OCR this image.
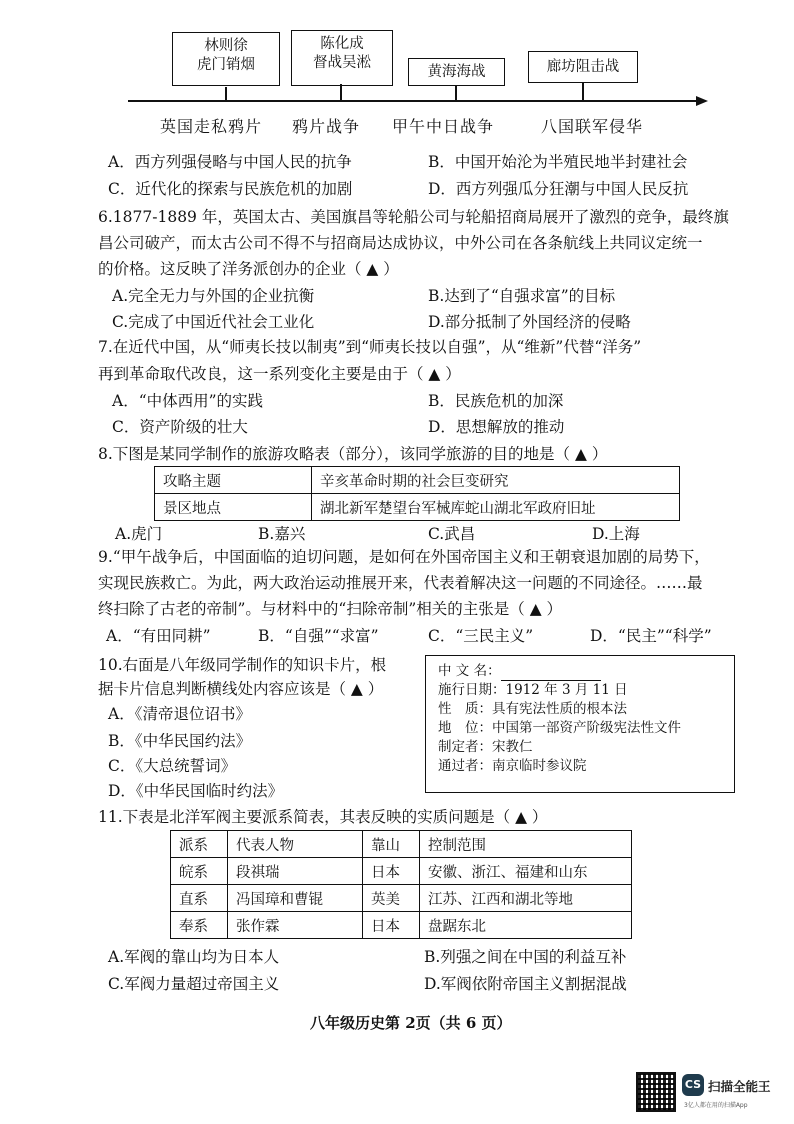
林则徐
虎门销烟
陈化成
督战吴淞
黄海海战	廊坊阻击战
英国走私鸦片 鸦片战争 甲午中日战争	八国联军侵华
A．西方列强侵略与中国人民的抗争	B．中国开始沦为半殖民地半封建社会
C．近代化的探索与民族危机的加剧	D．西方列强瓜分狂潮与中国人民反抗
6.1877-1889 年，英国太古、美国旗昌等轮船公司与轮船招商局展开了激烈的竞争，最终旗
昌公司破产，而太古公司不得不与招商局达成协议，中外公司在各条航线上共同议定统一
的价格。这反映了洋务派创办的企业（ ▲ ）
A.完全无力与外国的企业抗衡	B.达到了“自强求富”的目标
C.完成了中国近代社会工业化	D.部分抵制了外国经济的侵略
7.在近代中国，从“师夷长技以制夷”到“师夷长技以自强”，从“维新”代替“洋务”
再到革命取代改良，这一系列变化主要是由于（ ▲ ）
A．“中体西用”的实践	B．民族危机的加深
C．资产阶级的壮大	D．思想解放的推动
8.下图是某同学制作的旅游攻略表（部分），该同学旅游的目的地是（ ▲ ）
攻略主题	辛亥革命时期的社会巨变研究
景区地点	湖北新军楚望台军械库蛇山湖北军政府旧址
A.虎门	B.嘉兴	C.武昌	D.上海
9.“甲午战争后，中国面临的迫切问题，是如何在外国帝国主义和王朝衰退加剧的局势下，
实现民族救亡。为此，两大政治运动推展开来，代表着解决这一问题的不同途径。……最
终扫除了古老的帝制”。与材料中的“扫除帝制”相关的主张是（ ▲ ）
A．“有田同耕”	B．“自强”“求富”	C．“三民主义”	D．“民主”“科学”
10.右面是八年级同学制作的知识卡片，根
据卡片信息判断横线处内容应该是（ ▲ ）
A．《清帝退位诏书》
B．《中华民国约法》
C．《大总统誓词》
D．《中华民国临时约法》
中 文 名：
施行日期：1912 年 3 月 11 日
性　质：具有宪法性质的根本法
地　位：中国第一部资产阶级宪法性文件
制定者：宋教仁
通过者：南京临时参议院
11.下表是北洋军阀主要派系简表，其表反映的实质问题是（ ▲ ）
派系	代表人物	靠山	控制范围
皖系	段祺瑞	日本	安徽、浙江、福建和山东
直系	冯国璋和曹锟	英美	江苏、江西和湖北等地
奉系	张作霖	日本	盘踞东北
A.军阀的靠山均为日本人	B.列强之间在中国的利益互补
C.军阀力量超过帝国主义	D.军阀依附帝国主义割据混战
八年级历史第 2页（共 6 页）
CS 扫描全能王
3亿人都在用的扫描App
